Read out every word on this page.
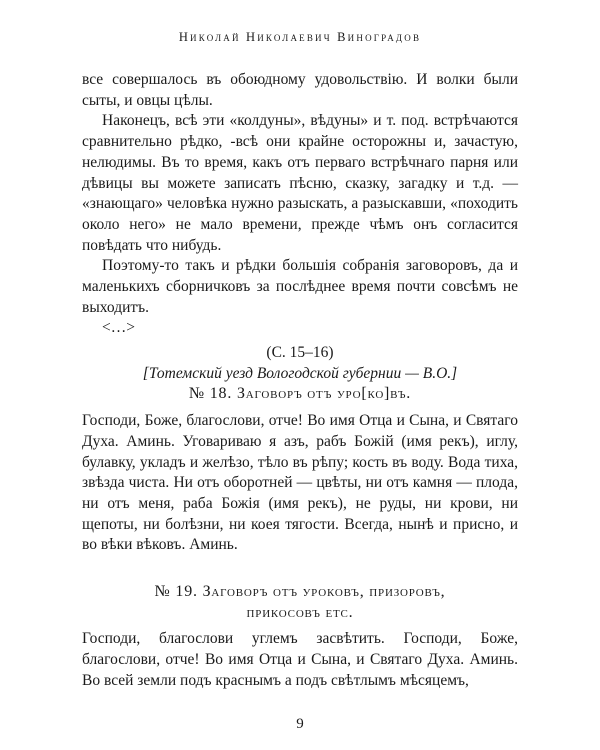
Николай Николаевич Виноградов

все совершалось въ обоюдному удовольствію. И волки были сыты, и овцы цѣлы.

Наконецъ, всѣ эти «колдуны», вѣдуны» и т. под. встрѣчаются сравнительно рѣдко, -всѣ они крайне осторожны и, зачастую, нелюдимы. Въ то время, какъ отъ перваго встрѣчнаго парня или дѣвицы вы можете записать пѣсню, сказку, загадку и т.д. — «знающаго» человѣка нужно разыскать, а разыскавши, «походить около него» не мало времени, прежде чѣмъ онъ согласится повѣдать что нибудь.

Поэтому-то такъ и рѣдки большія собранія заговоровъ, да и маленькихъ сборничковъ за послѣднее время почти совсѣмъ не выходитъ.

<…>

(С. 15–16)

[Тотемский уезд Вологодской губернии — В.О.]

№ 18. Заговоръ отъ уро[ко]въ.

Господи, Боже, благослови, отче! Во имя Отца и Сына, и Святаго Духа. Аминь. Уговариваю я азъ, рабъ Божій (имя рекъ), иглу, булавку, укладъ и желѣзо, тѣло въ рѣпу; кость въ воду. Вода тиха, звѣзда чиста. Ни отъ оборотней — цвѣты, ни отъ камня — плода, ни отъ меня, раба Божія (имя рекъ), не руды, ни крови, ни щепоты, ни болѣзни, ни коея тягости. Всегда, нынѣ и присно, и во вѣки вѣковъ. Аминь.

№ 19. Заговоръ отъ уроковъ, призоровъ,

прикосовъ etc.

Господи, благослови углемъ засвѣтить. Господи, Боже, благослови, отче! Во имя Отца и Сына, и Святаго Духа. Аминь. Во всей земли подъ краснымъ а подъ свѣтлымъ мѣсяцемъ,

9
